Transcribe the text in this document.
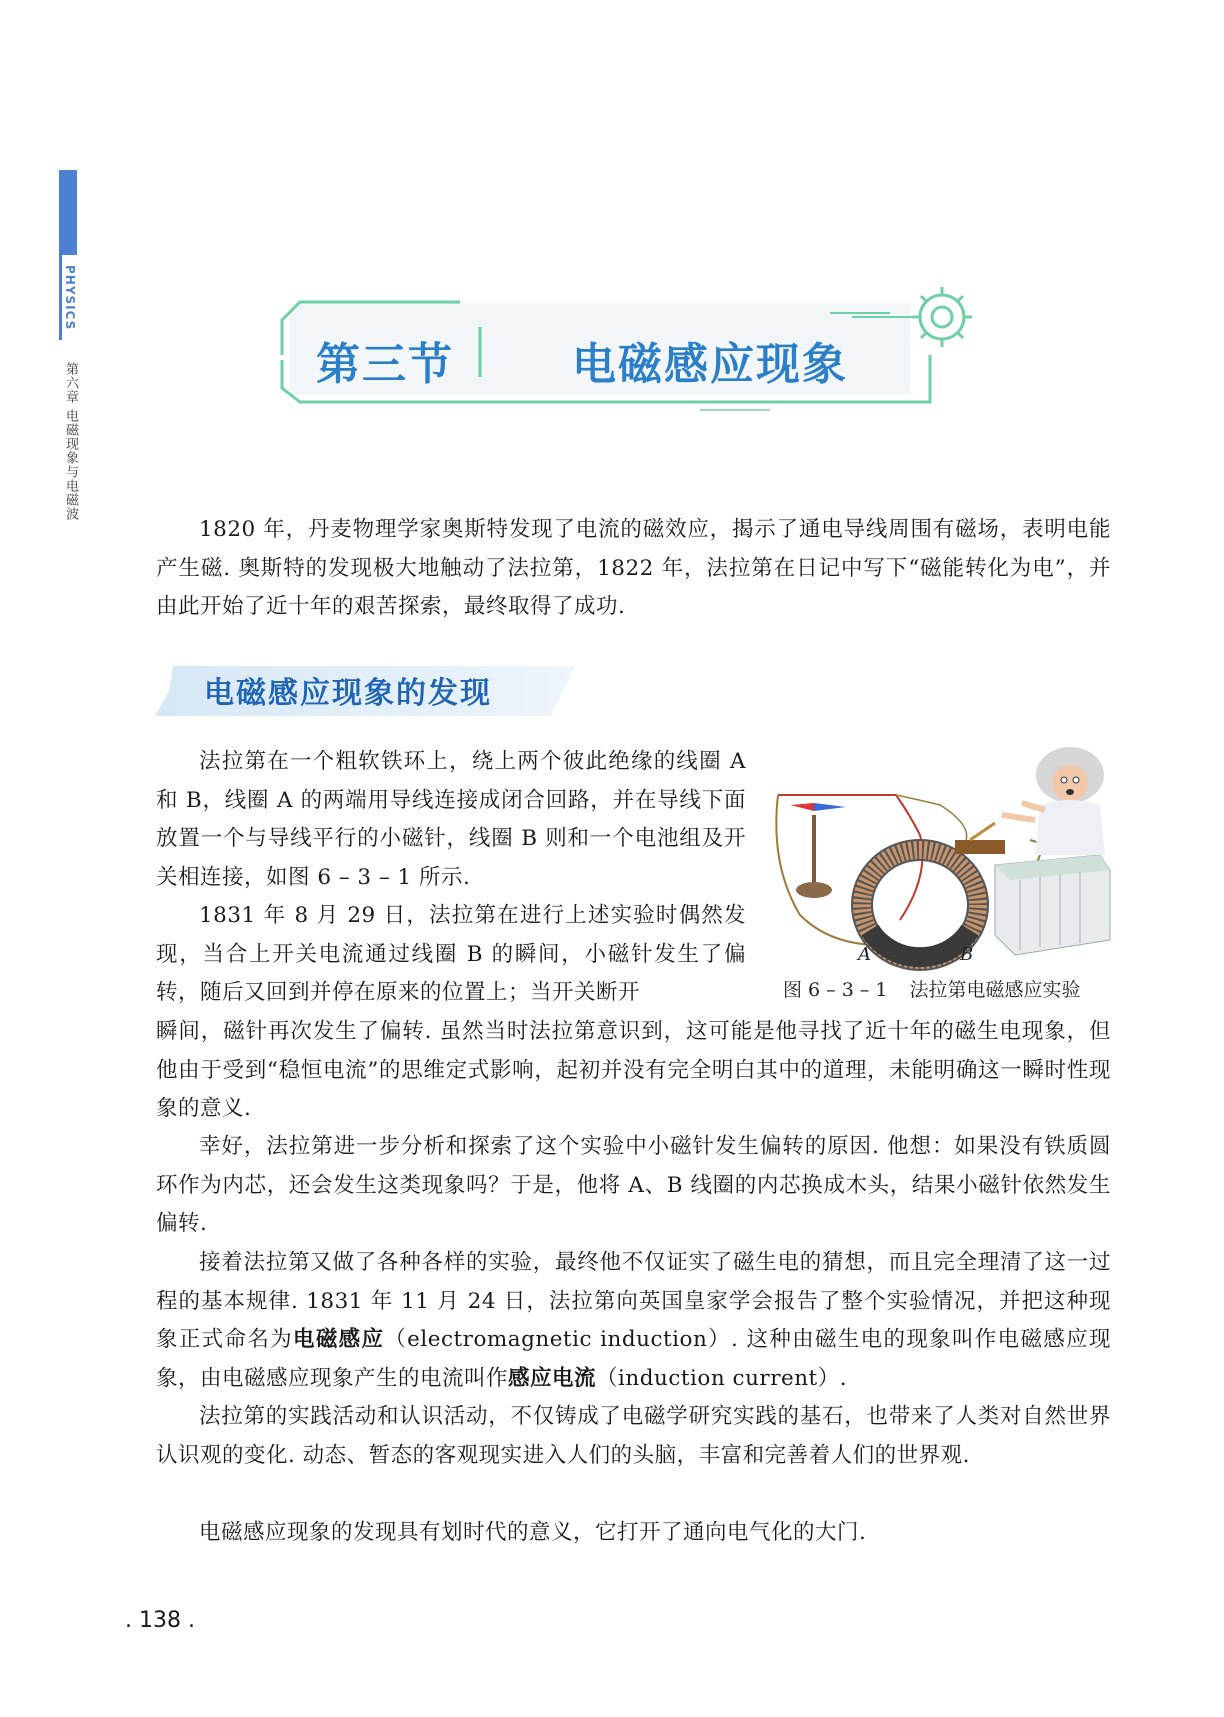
PHYSICS
第六章 电磁现象与电磁波	第三节	电磁感应现象

1820 年，丹麦物理学家奥斯特发现了电流的磁效应，揭示了通电导线周围有磁场，表明电能产生磁. 奥斯特的发现极大地触动了法拉第，1822 年，法拉第在日记中写下“磁能转化为电”，并由此开始了近十年的艰苦探索，最终取得了成功.

电磁感应现象的发现

法拉第在一个粗软铁环上，绕上两个彼此绝缘的线圈 A 和 B，线圈 A 的两端用导线连接成闭合回路，并在导线下面放置一个与导线平行的小磁针，线圈 B 则和一个电池组及开关相连接，如图 6 – 3 – 1 所示.

1831 年 8 月 29 日，法拉第在进行上述实验时偶然发现，当合上开关电流通过线圈 B 的瞬间，小磁针发生了偏转，随后又回到并停在原来的位置上；当开关断开

瞬间，磁针再次发生了偏转. 虽然当时法拉第意识到，这可能是他寻找了近十年的磁生电现象，但他由于受到“稳恒电流”的思维定式影响，起初并没有完全明白其中的道理，未能明确这一瞬时性现象的意义.

A	B
图 6 – 3 – 1 法拉第电磁感应实验

幸好，法拉第进一步分析和探索了这个实验中小磁针发生偏转的原因. 他想：如果没有铁质圆环作为内芯，还会发生这类现象吗？于是，他将 A、B 线圈的内芯换成木头，结果小磁针依然发生偏转.

接着法拉第又做了各种各样的实验，最终他不仅证实了磁生电的猜想，而且完全理清了这一过程的基本规律. 1831 年 11 月 24 日，法拉第向英国皇家学会报告了整个实验情况，并把这种现象正式命名为电磁感应（electromagnetic induction）. 这种由磁生电的现象叫作电磁感应现象，由电磁感应现象产生的电流叫作感应电流（induction current）.

法拉第的实践活动和认识活动，不仅铸成了电磁学研究实践的基石，也带来了人类对自然世界认识观的变化. 动态、暂态的客观现实进入人们的头脑，丰富和完善着人们的世界观.

电磁感应现象的发现具有划时代的意义，它打开了通向电气化的大门.

. 138 .
